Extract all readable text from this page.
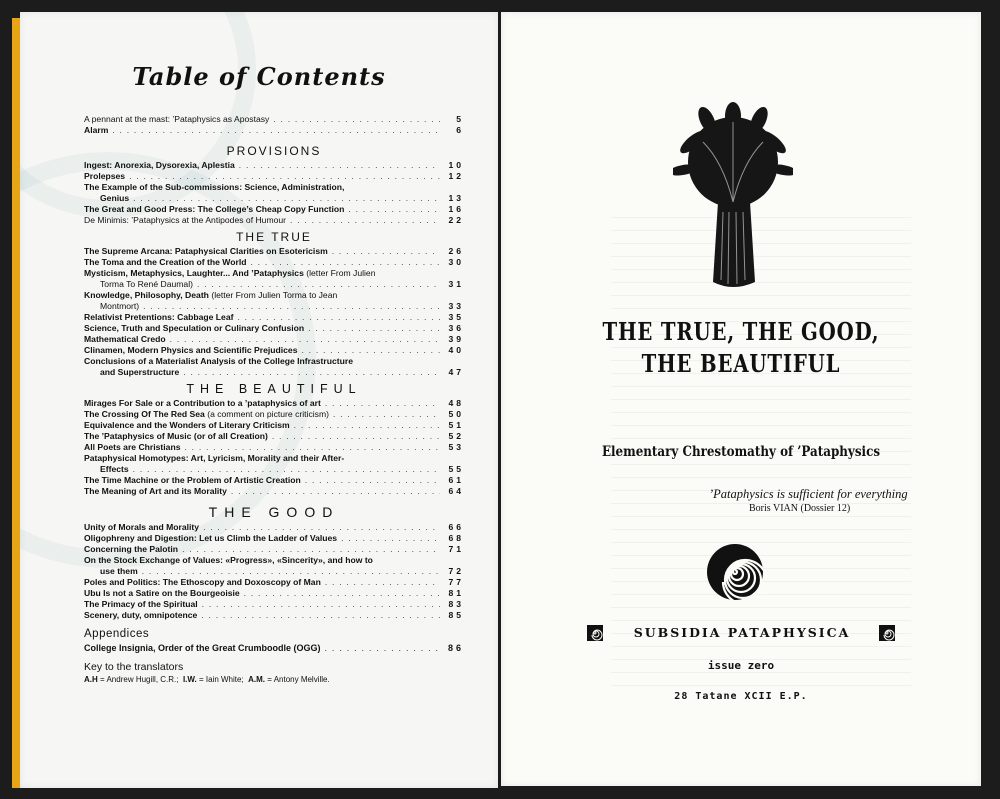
Table of Contents
A pennant at the mast: ’Pataphysics as Apostasy . . .	5
Alarm . . .	6
PROVISIONS
Ingest: Anorexia, Dysorexia, Aplestia . . .	10
Prolepses . . .	12
The Example of the Sub-commissions: Science, Administration,
Genius . . .	13
The Great and Good Press: The College’s Cheap Copy Function . . .	16
De Minimis: ’Pataphysics at the Antipodes of Humour . . .	22
THE TRUE
The Supreme Arcana: Pataphysical Clarities on Esotericism . . .	26
The Toma and the Creation of the World . . .	30
Mysticism, Metaphysics, Laughter... And ’Pataphysics (letter From Julien
Torma To René Daumal) . . .	31
Knowledge, Philosophy, Death (letter From Julien Torma to Jean
Montmort) . . .	33
Relativist Pretentions: Cabbage Leaf . . .	35
Science, Truth and Speculation or Culinary Confusion . . .	36
Mathematical Credo . . .	39
Clinamen, Modern Physics and Scientific Prejudices . . .	40
Conclusions of a Materialist Analysis of the College Infrastructure
and Superstructure . . .	47
THE BEAUTIFUL
Mirages For Sale or a Contribution to a ’pataphysics of art . . .	48
The Crossing Of The Red Sea
(a comment on picture criticism) . . .	50
Equivalence and the Wonders of Literary Criticism . . .	51
The ’Pataphysics of Music (or of all Creation) . . .	52
All Poets are Christians . . .	53
Pataphysical Homotypes: Art, Lyricism, Morality and their After-
Effects . . .	55
The Time Machine or the Problem of Artistic Creation . . .	61
The Meaning of Art and its Morality . . .	64
THE GOOD
Unity of Morals and Morality . . .	66
Oligophreny and Digestion: Let us Climb the Ladder of Values . . .	68
Concerning the Palotin . . .	71
On the Stock Exchange of Values: «Progress», «Sincerity», and how to
use them . . .	72
Poles and Politics: The Ethoscopy and Doxoscopy of Man . . .	77
Ubu Is not a Satire on the Bourgeoisie . . .	81
The Primacy of the Spiritual . . .	83
Scenery, duty, omnipotence . . .	85
Appendices
College Insignia, Order of the Great Crumboodle (OGG) . . .	86
Key to the translators
A.H = Andrew Hugill, C.R.; I.W. = Iain White; A.M. = Antony Melville.
THE TRUE, THE GOOD,
THE BEAUTIFUL
Elementary Chrestomathy of ’Pataphysics
’Pataphysics is sufficient for everything
Boris VIAN (Dossier 12)
SUBSIDIA PATAPHYSICA
issue zero
28 Tatane XCII E.P.
